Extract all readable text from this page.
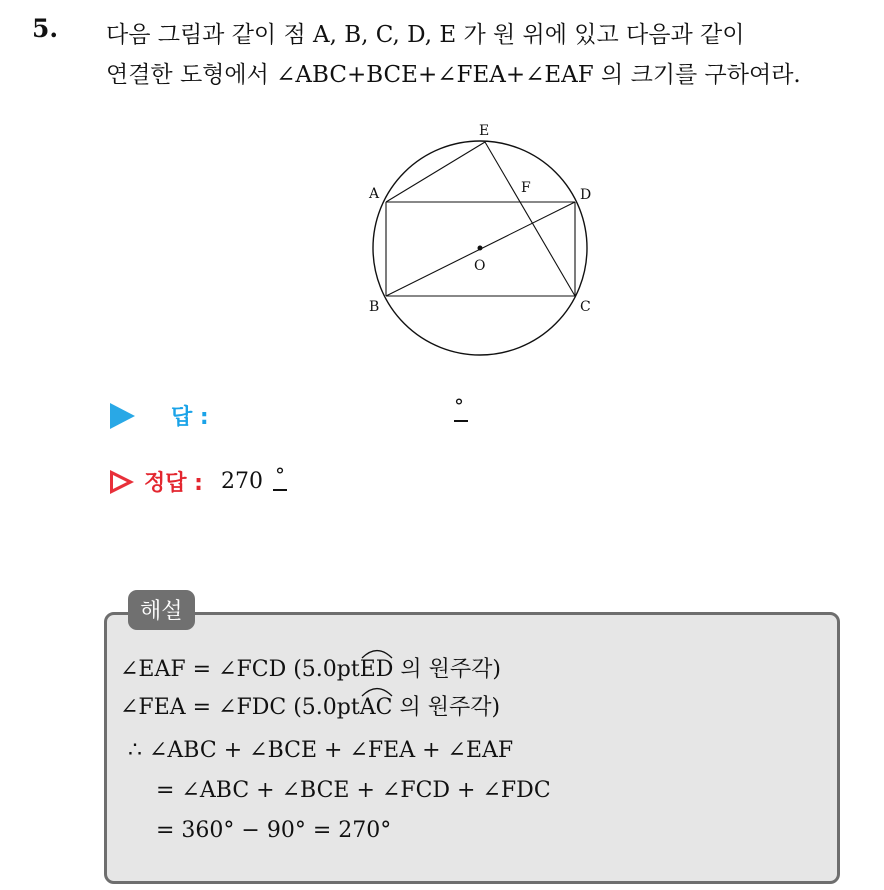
5. 다음 그림과 같이 점 A, B, C, D, E 가 원 위에 있고 다음과 같이
연결한 도형에서 ∠ABC+BCE+∠FEA+∠EAF 의 크기를 구하여라.
E
F
A	D
O
B	C
답 :	°
정답 : 270 °
해설
∠EAF = ∠FCD (5.0pt
ED 의 원주각)
∠FEA = ∠FDC (5.0pt
AC 의 원주각)
∴ ∠ABC + ∠BCE + ∠FEA + ∠EAF
= ∠ABC + ∠BCE + ∠FCD + ∠FDC
= 360° − 90° = 270°
